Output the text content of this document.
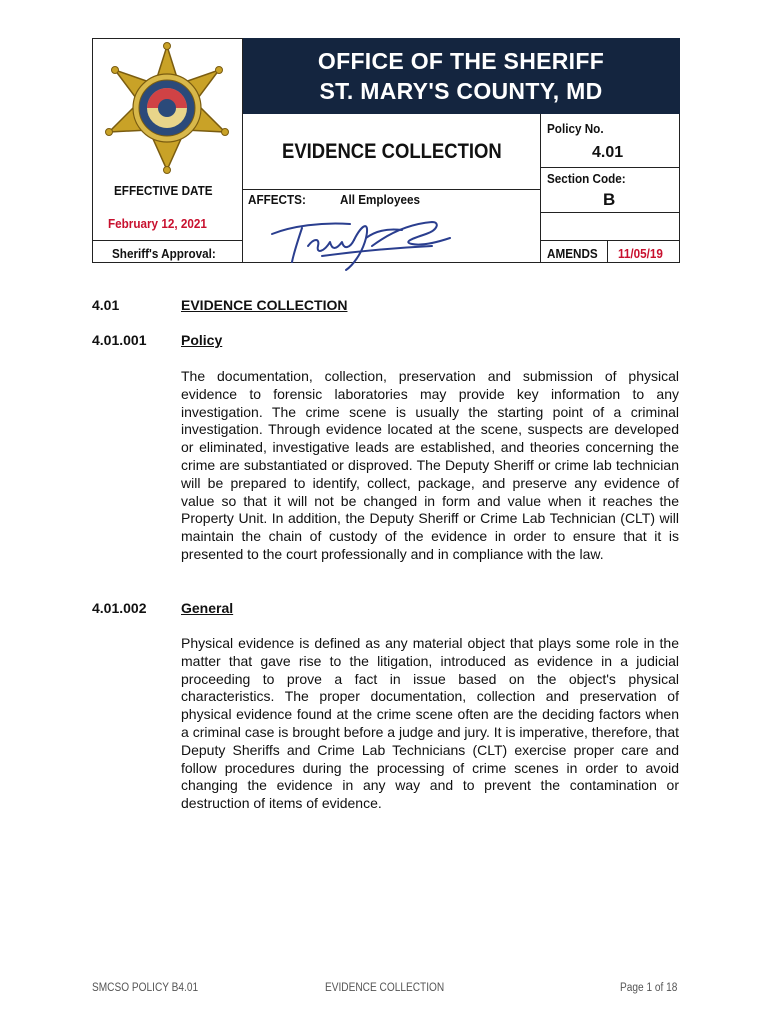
OFFICE OF THE SHERIFF
ST. MARY'S COUNTY, MD
EVIDENCE COLLECTION
EFFECTIVE DATE
February 12, 2021
AFFECTS:	All Employees
Policy No.
4.01
Section Code:
B
Sheriff's Approval:	AMENDS 11/05/19
4.01	EVIDENCE COLLECTION
4.01.001 Policy
The documentation, collection, preservation and submission of physical evidence to forensic laboratories may provide key information to any investigation. The crime scene is usually the starting point of a criminal investigation. Through evidence located at the scene, suspects are developed or eliminated, investigative leads are established, and theories concerning the crime are substantiated or disproved. The Deputy Sheriff or crime lab technician will be prepared to identify, collect, package, and preserve any evidence of value so that it will not be changed in form and value when it reaches the Property Unit. In addition, the Deputy Sheriff or Crime Lab Technician (CLT) will maintain the chain of custody of the evidence in order to ensure that it is presented to the court professionally and in compliance with the law.
4.01.002 General
Physical evidence is defined as any material object that plays some role in the matter that gave rise to the litigation, introduced as evidence in a judicial proceeding to prove a fact in issue based on the object's physical characteristics. The proper documentation, collection and preservation of physical evidence found at the crime scene often are the deciding factors when a criminal case is brought before a judge and jury. It is imperative, therefore, that Deputy Sheriffs and Crime Lab Technicians (CLT) exercise proper care and follow procedures during the processing of crime scenes in order to avoid changing the evidence in any way and to prevent the contamination or destruction of items of evidence.
SMCSO POLICY B4.01	EVIDENCE COLLECTION	Page 1 of 18
